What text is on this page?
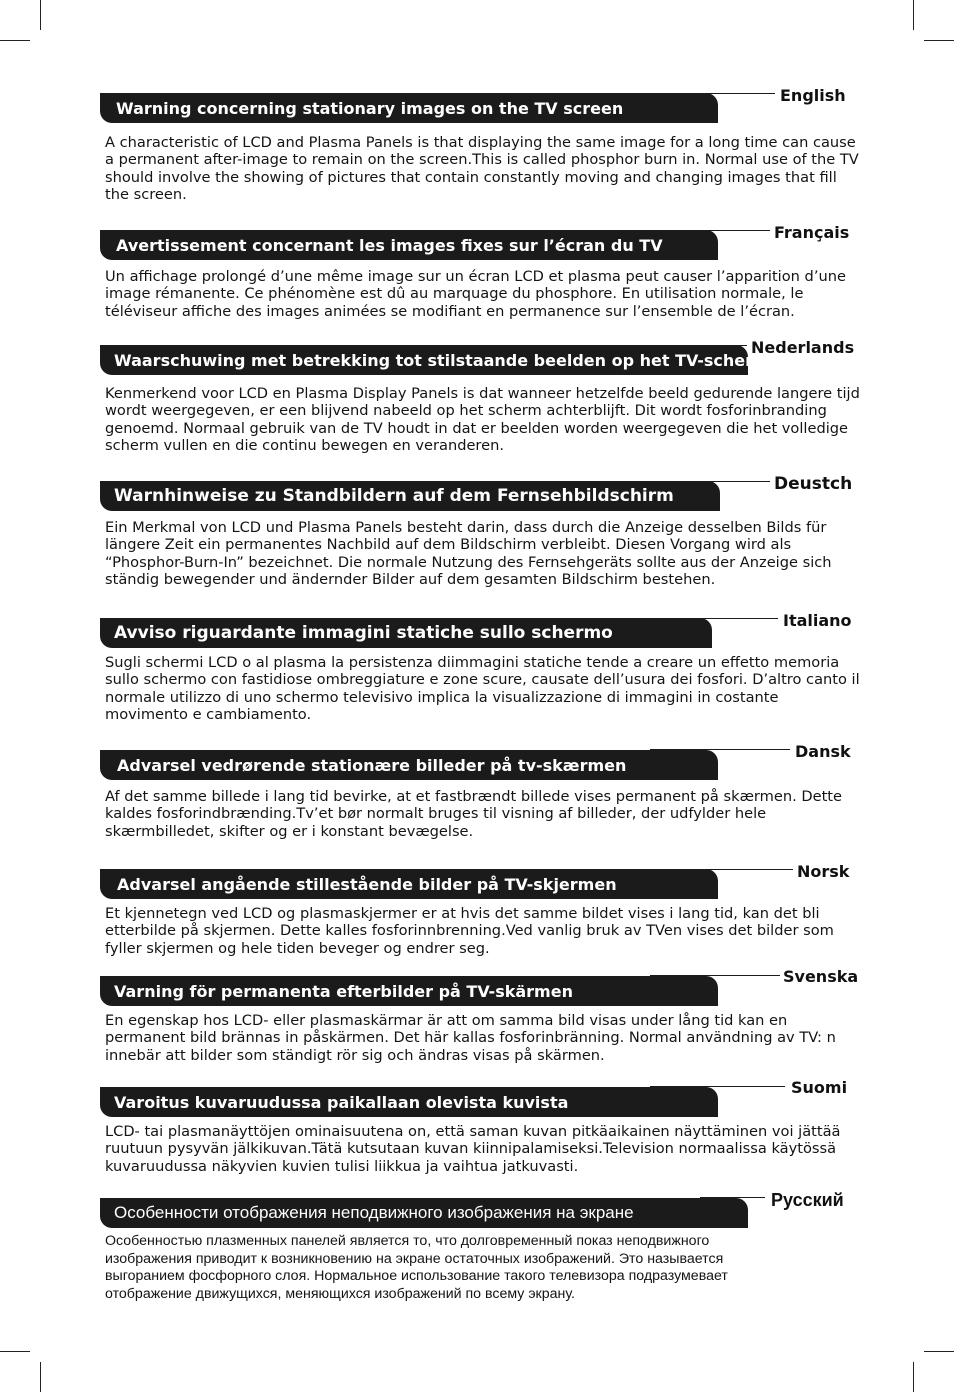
English
Warning concerning stationary images on the TV screen
A characteristic of LCD and Plasma Panels is that displaying the same image for a long time can cause a permanent after-image to remain on the screen.This is called phosphor burn in. Normal use of the TV should involve the showing of pictures that contain constantly moving and changing images that fill the screen.
Français
Avertissement concernant les images fixes sur l’écran du TV
Un affichage prolongé d’une même image sur un écran LCD et plasma peut causer l’apparition d’une image rémanente. Ce phénomène est dû au marquage du phosphore. En utilisation normale, le téléviseur affiche des images animées se modifiant en permanence sur l’ensemble de l’écran.
Nederlands
Waarschuwing met betrekking tot stilstaande beelden op het TV-scherm
Kenmerkend voor LCD en Plasma Display Panels is dat wanneer hetzelfde beeld gedurende langere tijd wordt weergegeven, er een blijvend nabeeld op het scherm achterblijft. Dit wordt fosforinbranding genoemd. Normaal gebruik van de TV houdt in dat er beelden worden weergegeven die het volledige scherm vullen en die continu bewegen en veranderen.
Deustch
Warnhinweise zu Standbildern auf dem Fernsehbildschirm
Ein Merkmal von LCD und Plasma Panels besteht darin, dass durch die Anzeige desselben Bilds für längere Zeit ein permanentes Nachbild auf dem Bildschirm verbleibt. Diesen Vorgang wird als “Phosphor-Burn-In” bezeichnet. Die normale Nutzung des Fernsehgeräts sollte aus der Anzeige sich ständig bewegender und ändernder Bilder auf dem gesamten Bildschirm bestehen.
Italiano
Avviso riguardante immagini statiche sullo schermo
Sugli schermi LCD o al plasma la persistenza diimmagini statiche tende a creare un effetto memoria sullo schermo con fastidiose ombreggiature e zone scure, causate dell’usura dei fosfori. D’altro canto il normale utilizzo di uno schermo televisivo implica la visualizzazione di immagini in costante movimento e cambiamento.
Dansk
Advarsel vedrørende stationære billeder på tv-skærmen
Af det samme billede i lang tid bevirke, at et fastbrændt billede vises permanent på skærmen. Dette kaldes fosforindbrænding.Tv’et bør normalt bruges til visning af billeder, der udfylder hele skærmbilledet, skifter og er i konstant bevægelse.
Norsk
Advarsel angående stillestående bilder på TV-skjermen
Et kjennetegn ved LCD og plasmaskjermer er at hvis det samme bildet vises i lang tid, kan det bli etterbilde på skjermen. Dette kalles fosforinnbrenning.Ved vanlig bruk av TVen vises det bilder som fyller skjermen og hele tiden beveger og endrer seg.
Svenska
Varning för permanenta efterbilder på TV-skärmen
En egenskap hos LCD- eller plasmaskärmar är att om samma bild visas under lång tid kan en permanent bild brännas in påskärmen. Det här kallas fosforinbränning. Normal användning av TV: n innebär att bilder som ständigt rör sig och ändras visas på skärmen.
Suomi
Varoitus kuvaruudussa paikallaan olevista kuvista
LCD- tai plasmanäyttöjen ominaisuutena on, että saman kuvan pitkäaikainen näyttäminen voi jättää ruutuun pysyvän jälkikuvan.Tätä kutsutaan kuvan kiinnipalamiseksi.Television normaalissa käytössä kuvaruudussa näkyvien kuvien tulisi liikkua ja vaihtua jatkuvasti.
Русский
Особенности отображения неподвижного изображения на экране
Особенностью плазменных панелей является то, что долговременный показ неподвижного изображения приводит к возникновению на экране остаточных изображений. Это называется выгоранием фосфорного слоя. Нормальное использование такого телевизора подразумевает отображение движущихся, меняющихся изображений по всему экрану.
